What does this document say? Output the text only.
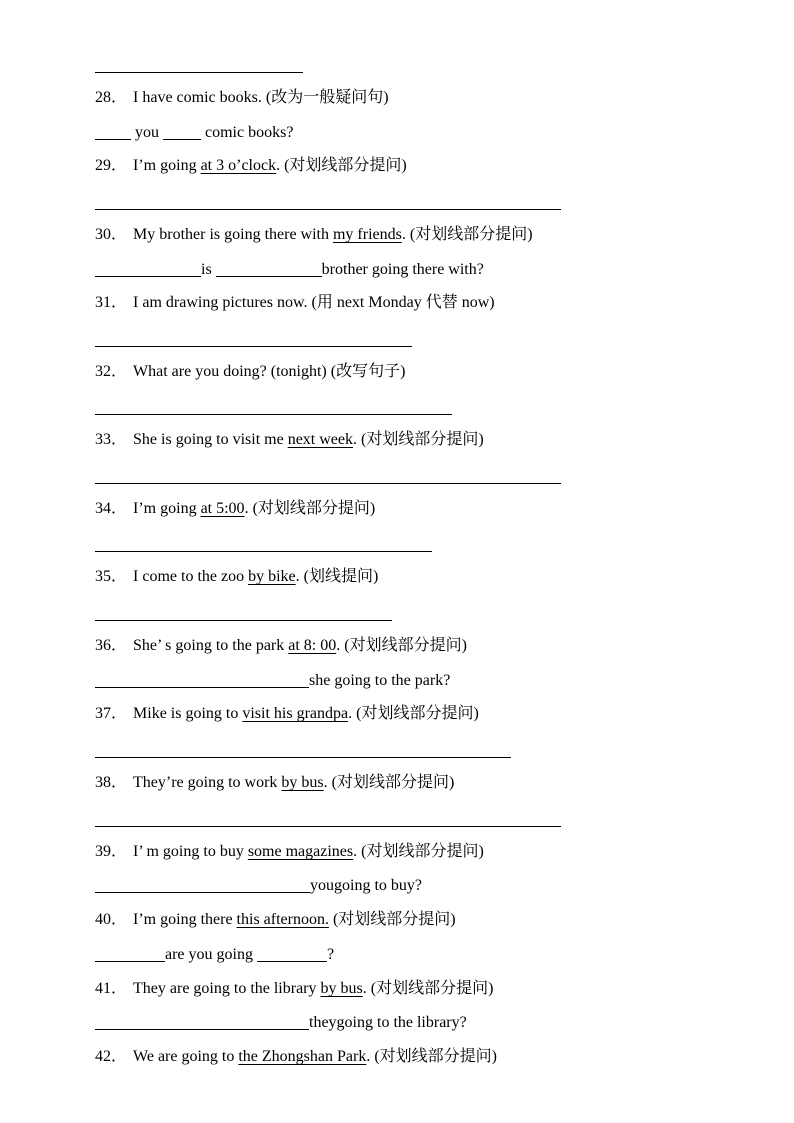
28． I have comic books. (改为一般疑问句)
you	comic books?
29． I’m going at 3 o’clock. (对划线部分提问)
30． My brother is going there with my friends. (对划线部分提问)
is	brother going there with?
31． I am drawing pictures now. (用 next Monday 代替 now)
32． What are you doing? (tonight) (改写句子)
33． She is going to visit me next week. (对划线部分提问)
34． I’m going at 5:00. (对划线部分提问)
35． I come to the zoo by bike. (划线提问)
36． She’ s going to the park at 8: 00. (对划线部分提问)
she going to the park?
37． Mike is going to visit his grandpa. (对划线部分提问)
38． They’re going to work by bus. (对划线部分提问)
39． I’ m going to buy some magazines. (对划线部分提问)
yougoing to buy?
40． I’m going there this afternoon. (对划线部分提问)
are you going	?
41． They are going to the library by bus. (对划线部分提问)
theygoing to the library?
42． We are going to the Zhongshan Park. (对划线部分提问)
